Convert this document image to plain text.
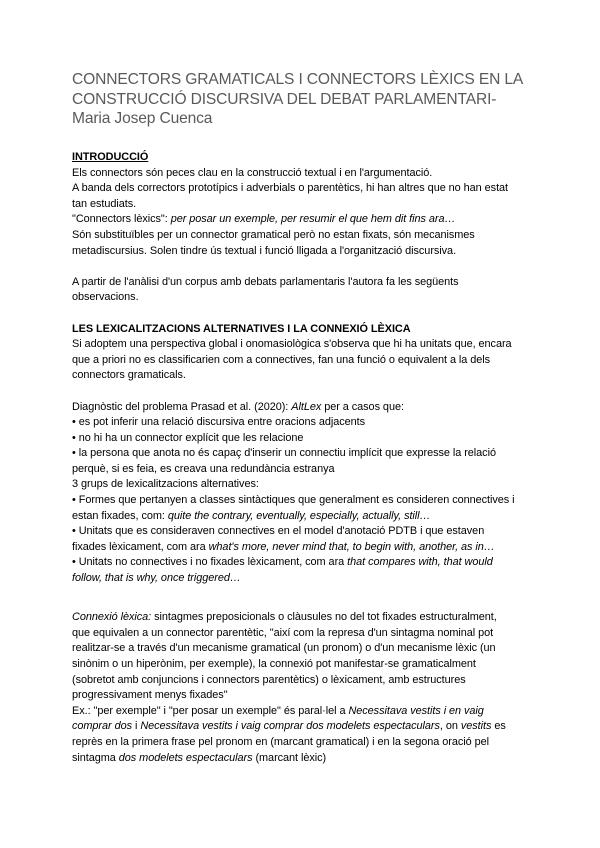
CONNECTORS GRAMATICALS I CONNECTORS LÈXICS EN LA
CONSTRUCCIÓ DISCURSIVA DEL DEBAT PARLAMENTARI-
Maria Josep Cuenca
INTRODUCCIÓ
Els connectors són peces clau en la construcció textual i en l'argumentació.
A banda dels correctors prototípics i adverbials o parentètics, hi han altres que no han estat
tan estudiats.
"Connectors lèxics": per posar un exemple, per resumir el que hem dit fins ara…
Són substituïbles per un connector gramatical però no estan fixats, són mecanismes
metadiscursius. Solen tindre ús textual i funció lligada a l'organització discursiva.
A partir de l'anàlisi d'un corpus amb debats parlamentaris l'autora fa les següents
observacions.
LES LEXICALITZACIONS ALTERNATIVES I LA CONNEXIÓ LÈXICA
Si adoptem una perspectiva global i onomasiològica s'observa que hi ha unitats que, encara
que a priori no es classificarien com a connectives, fan una funció o equivalent a la dels
connectors gramaticals.
Diagnòstic del problema Prasad et al. (2020): AltLex per a casos que:
• es pot inferir una relació discursiva entre oracions adjacents
• no hi ha un connector explícit que les relacione
• la persona que anota no és capaç d'inserir un connectiu implícit que expresse la relació
perquè, si es feia, es creava una redundància estranya
3 grups de lexicalitzacions alternatives:
• Formes que pertanyen a classes sintàctiques que generalment es consideren connectives i
estan fixades, com: quite the contrary, eventually, especially, actually, still…
• Unitats que es consideraven connectives en el model d'anotació PDTB i que estaven
fixades lèxicament, com ara what's more, never mind that, to begin with, another, as in…
• Unitats no connectives i no fixades lèxicament, com ara that compares with, that would
follow, that is why, once triggered…
Connexió lèxica: sintagmes preposicionals o clàusules no del tot fixades estructuralment,
que equivalen a un connector parentètic, "així com la represa d'un sintagma nominal pot
realitzar-se a través d'un mecanisme gramatical (un pronom) o d'un mecanisme lèxic (un
sinònim o un hiperònim, per exemple), la connexió pot manifestar-se gramaticalment
(sobretot amb conjuncions i connectors parentètics) o lèxicament, amb estructures
progressivament menys fixades"
Ex.: "per exemple" i "per posar un exemple" és paral·lel a Necessitava vestits i en vaig
comprar dos i Necessitava vestits i vaig comprar dos modelets espectaculars, on vestits es
reprès en la primera frase pel pronom en (marcant gramatical) i en la segona oració pel
sintagma dos modelets espectaculars (marcant lèxic)
